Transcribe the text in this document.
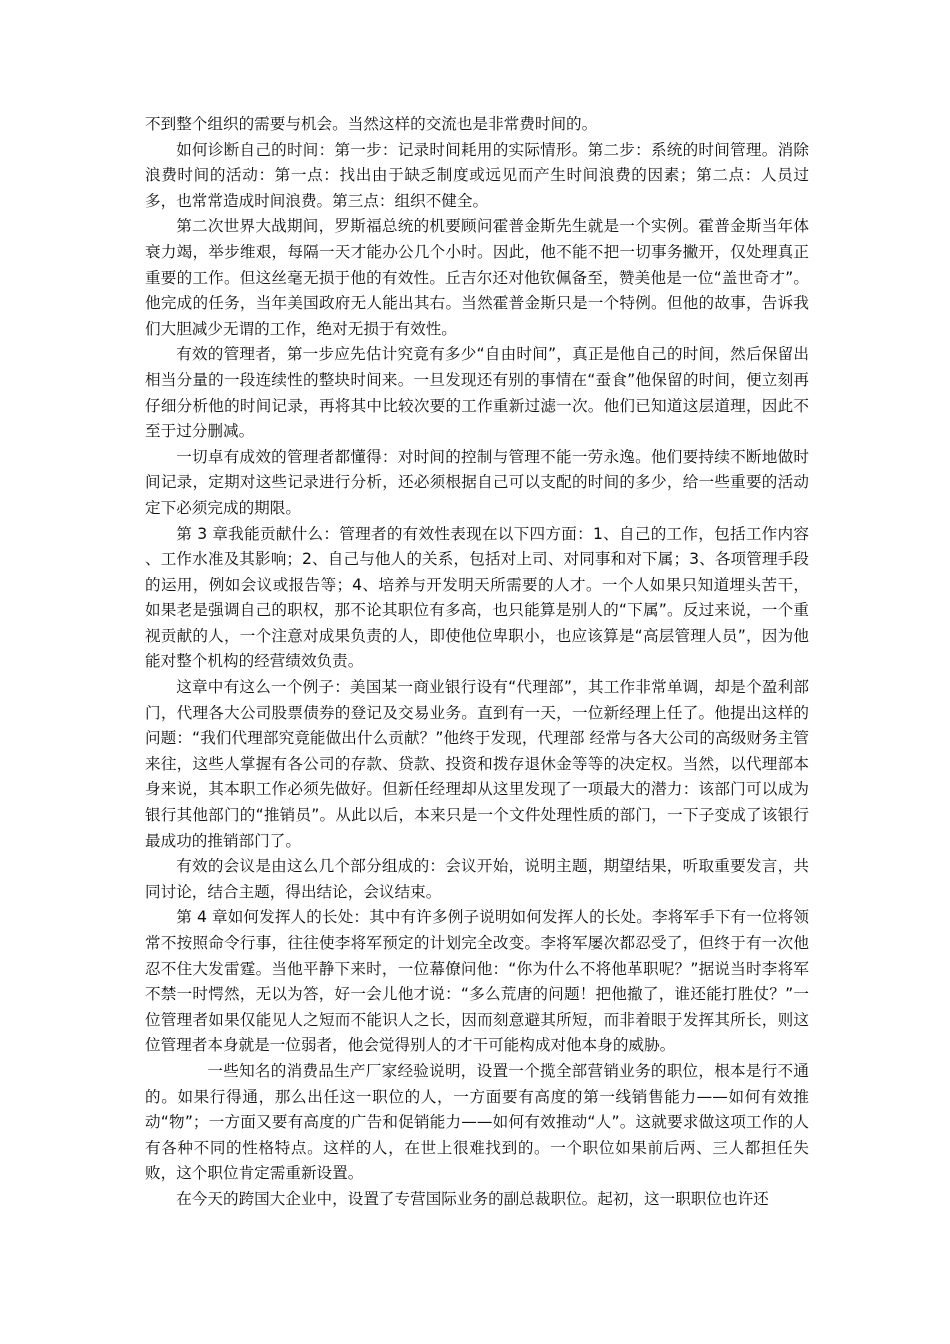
不到整个组织的需要与机会。当然这样的交流也是非常费时间的。

如何诊断自己的时间：第一步：记录时间耗用的实际情形。第二步：系统的时间管理。消除浪费时间的活动：第一点：找出由于缺乏制度或远见而产生时间浪费的因素；第二点：人员过多，也常常造成时间浪费。第三点：组织不健全。

第二次世界大战期间，罗斯福总统的机要顾问霍普金斯先生就是一个实例。霍普金斯当年体衰力竭，举步维艰，每隔一天才能办公几个小时。因此，他不能不把一切事务撇开，仅处理真正重要的工作。但这丝毫无损于他的有效性。丘吉尔还对他钦佩备至，赞美他是一位“盖世奇才”。他完成的任务，当年美国政府无人能出其右。当然霍普金斯只是一个特例。但他的故事，告诉我们大胆减少无谓的工作，绝对无损于有效性。

有效的管理者，第一步应先估计究竟有多少“自由时间”，真正是他自己的时间，然后保留出相当分量的一段连续性的整块时间来。一旦发现还有别的事情在“蚕食”他保留的时间，便立刻再仔细分析他的时间记录，再将其中比较次要的工作重新过滤一次。他们已知道这层道理，因此不至于过分删减。

一切卓有成效的管理者都懂得：对时间的控制与管理不能一劳永逸。他们要持续不断地做时间记录，定期对这些记录进行分析，还必须根据自己可以支配的时间的多少，给一些重要的活动定下必须完成的期限。

第 3 章我能贡献什么：管理者的有效性表现在以下四方面：1、自己的工作，包括工作内容 、工作水准及其影响；2、自己与他人的关系，包括对上司、对同事和对下属；3、各项管理手段的运用，例如会议或报告等；4、培养与开发明天所需要的人才。一个人如果只知道埋头苦干，如果老是强调自己的职权，那不论其职位有多高，也只能算是别人的“下属”。反过来说，一个重视贡献的人，一个注意对成果负责的人，即使他位卑职小，也应该算是“高层管理人员”，因为他能对整个机构的经营绩效负责。

这章中有这么一个例子：美国某一商业银行设有“代理部”，其工作非常单调，却是个盈利部门，代理各大公司股票债券的登记及交易业务。直到有一天，一位新经理上任了。他提出这样的问题：“我们代理部究竟能做出什么贡献？”他终于发现，代理部 经常与各大公司的高级财务主管来往，这些人掌握有各公司的存款、贷款、投资和拨存退休金等等的决定权。当然，以代理部本身来说，其本职工作必须先做好。但新任经理却从这里发现了一项最大的潜力：该部门可以成为银行其他部门的“推销员”。从此以后，本来只是一个文件处理性质的部门，一下子变成了该银行最成功的推销部门了。

有效的会议是由这么几个部分组成的：会议开始，说明主题，期望结果，听取重要发言，共同讨论，结合主题，得出结论，会议结束。

第 4 章如何发挥人的长处：其中有许多例子说明如何发挥人的长处。李将军手下有一位将领常不按照命令行事，往往使李将军预定的计划完全改变。李将军屡次都忍受了，但终于有一次他忍不住大发雷霆。当他平静下来时，一位幕僚问他：“你为什么不将他革职呢？”据说当时李将军不禁一时愕然，无以为答，好一会儿他才说：“多么荒唐的问题！把他撤了，谁还能打胜仗？”一位管理者如果仅能见人之短而不能识人之长，因而刻意避其所短，而非着眼于发挥其所长，则这位管理者本身就是一位弱者，他会觉得别人的才干可能构成对他本身的威胁。

一些知名的消费品生产厂家经验说明，设置一个揽全部营销业务的职位，根本是行不通的。如果行得通，那么出任这一职位的人，一方面要有高度的第一线销售能力——如何有效推动“物”；一方面又要有高度的广告和促销能力——如何有效推动“人”。这就要求做这项工作的人有各种不同的性格特点。这样的人，在世上很难找到的。一个职位如果前后两、三人都担任失败，这个职位肯定需重新设置。

在今天的跨国大企业中，设置了专营国际业务的副总裁职位。起初，这一职职位也许还
